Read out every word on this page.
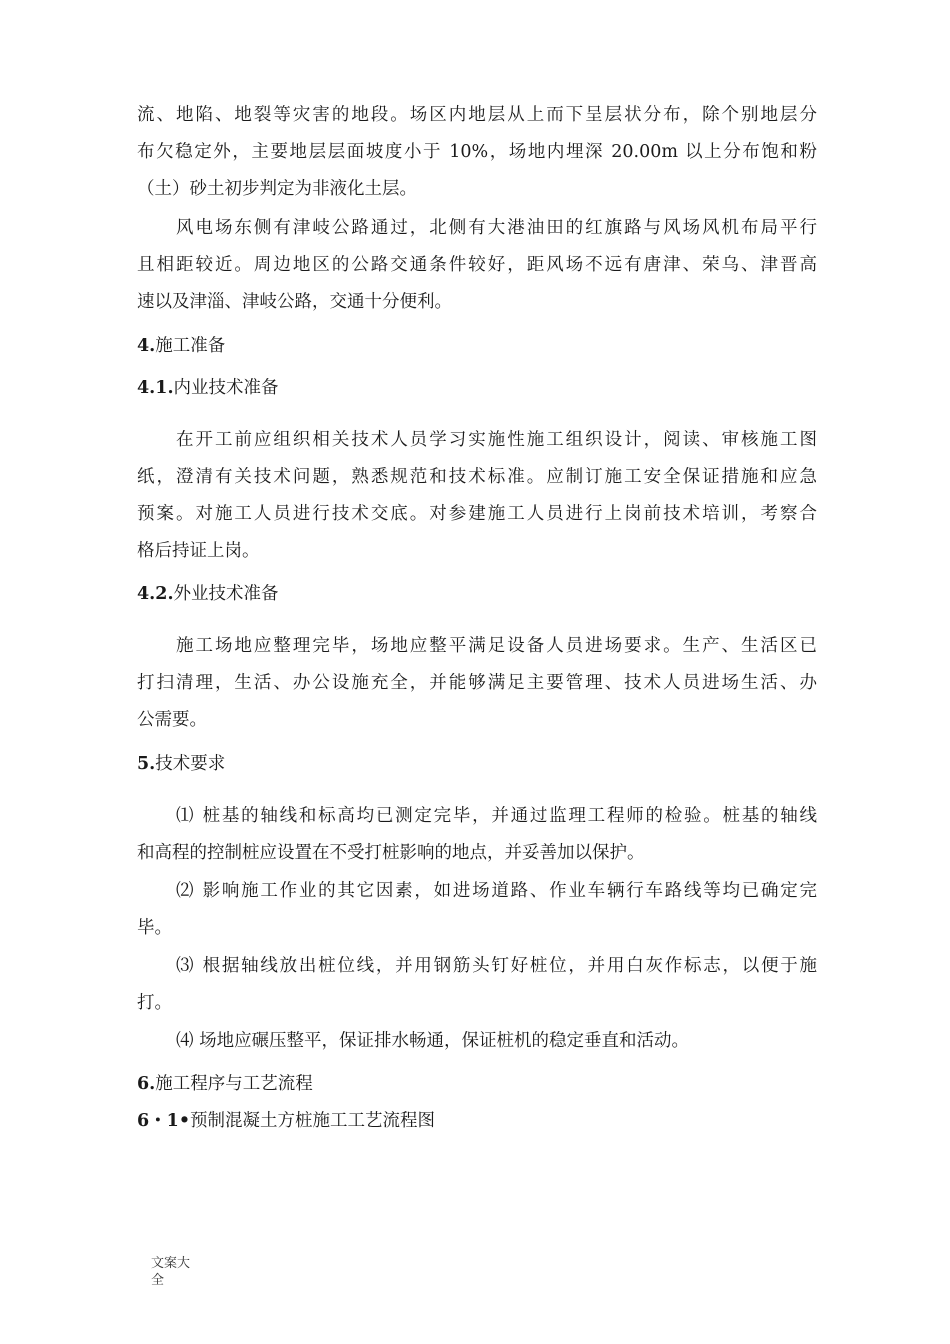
流、地陷、地裂等灾害的地段。场区内地层从上而下呈层状分布，除个别地层分
布欠稳定外，主要地层层面坡度小于 10%，场地内埋深 20.00m 以上分布饱和粉
（土）砂土初步判定为非液化土层。
风电场东侧有津岐公路通过，北侧有大港油田的红旗路与风场风机布局平行
且相距较近。周边地区的公路交通条件较好，距风场不远有唐津、荣乌、津晋高
速以及津淄、津岐公路，交通十分便利。
4.施工准备
4.1.内业技术准备
在开工前应组织相关技术人员学习实施性施工组织设计，阅读、审核施工图
纸，澄清有关技术问题，熟悉规范和技术标准。应制订施工安全保证措施和应急
预案。对施工人员进行技术交底。对参建施工人员进行上岗前技术培训，考察合
格后持证上岗。
4.2.外业技术准备
施工场地应整理完毕，场地应整平满足设备人员进场要求。生产、生活区已
打扫清理，生活、办公设施充全，并能够满足主要管理、技术人员进场生活、办
公需要。
5.技术要求
⑴ 桩基的轴线和标高均已测定完毕，并通过监理工程师的检验。桩基的轴线
和高程的控制桩应设置在不受打桩影响的地点，并妥善加以保护。
⑵ 影响施工作业的其它因素，如进场道路、作业车辆行车路线等均已确定完
毕。
⑶ 根据轴线放出桩位线，并用钢筋头钉好桩位，并用白灰作标志，以便于施
打。
⑷ 场地应碾压整平，保证排水畅通，保证桩机的稳定垂直和活动。
6.施工程序与工艺流程
6・1•预制混凝土方桩施工工艺流程图
文案大全
